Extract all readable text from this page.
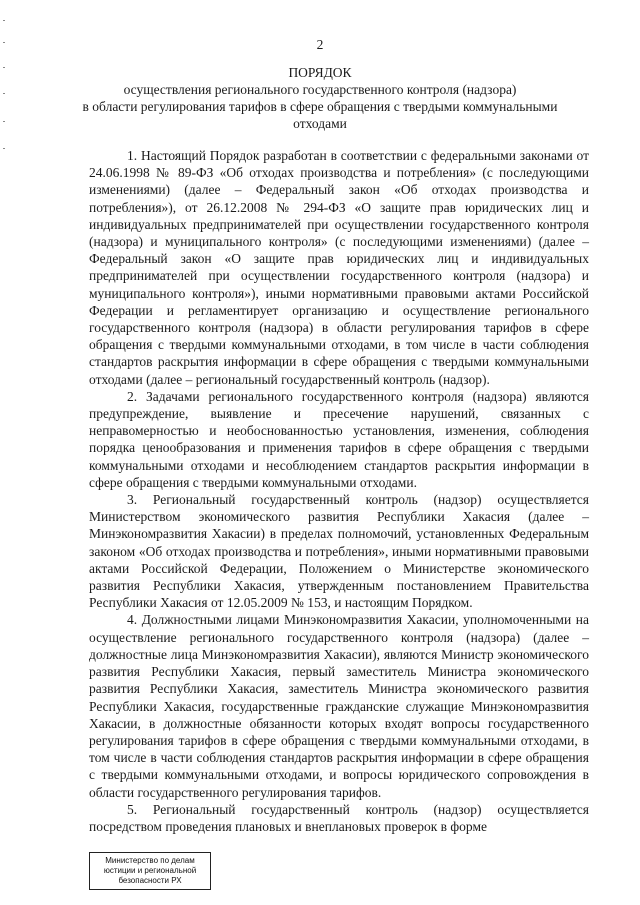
2
ПОРЯДОК
осуществления регионального государственного контроля (надзора)
в области регулирования тарифов в сфере обращения с твердыми коммунальными
отходами

1. Настоящий Порядок разработан в соответствии с федеральными законами от 24.06.1998 № 89-ФЗ «Об отходах производства и потребления» (с последующими изменениями) (далее – Федеральный закон «Об отходах производства и потребления»), от 26.12.2008 № 294-ФЗ «О защите прав юридических лиц и индивидуальных предпринимателей при осуществлении государственного контроля (надзора) и муниципального контроля» (с последующими изменениями) (далее – Федеральный закон «О защите прав юридических лиц и индивидуальных предпринимателей при осуществлении государственного контроля (надзора) и муниципального контроля»), иными нормативными правовыми актами Российской Федерации и регламентирует организацию и осуществление регионального государственного контроля (надзора) в области регулирования тарифов в сфере обращения с твердыми коммунальными отходами, в том числе в части соблюдения стандартов раскрытия информации в сфере обращения с твердыми коммунальными отходами (далее – региональный государственный контроль (надзор).

2. Задачами регионального государственного контроля (надзора) являются предупреждение, выявление и пресечение нарушений, связанных с неправомерностью и необоснованностью установления, изменения, соблюдения порядка ценообразования и применения тарифов в сфере обращения с твердыми коммунальными отходами и несоблюдением стандартов раскрытия информации в сфере обращения с твердыми коммунальными отходами.

3. Региональный государственный контроль (надзор) осуществляется Министерством экономического развития Республики Хакасия (далее – Минэкономразвития Хакасии) в пределах полномочий, установленных Федеральным законом «Об отходах производства и потребления», иными нормативными правовыми актами Российской Федерации, Положением о Министерстве экономического развития Республики Хакасия, утвержденным постановлением Правительства Республики Хакасия от 12.05.2009 № 153, и настоящим Порядком.

4. Должностными лицами Минэкономразвития Хакасии, уполномоченными на осуществление регионального государственного контроля (надзора) (далее – должностные лица Минэкономразвития Хакасии), являются Министр экономического развития Республики Хакасия, первый заместитель Министра экономического развития Республики Хакасия, заместитель Министра экономического развития Республики Хакасия, государственные гражданские служащие Минэкономразвития Хакасии, в должностные обязанности которых входят вопросы государственного регулирования тарифов в сфере обращения с твердыми коммунальными отходами, в том числе в части соблюдения стандартов раскрытия информации в сфере обращения с твердыми коммунальными отходами, и вопросы юридического сопровождения в области государственного регулирования тарифов.

5. Региональный государственный контроль (надзор) осуществляется посредством проведения плановых и внеплановых проверок в форме

Министерство по делам
юстиции и региональной
безопасности РХ
